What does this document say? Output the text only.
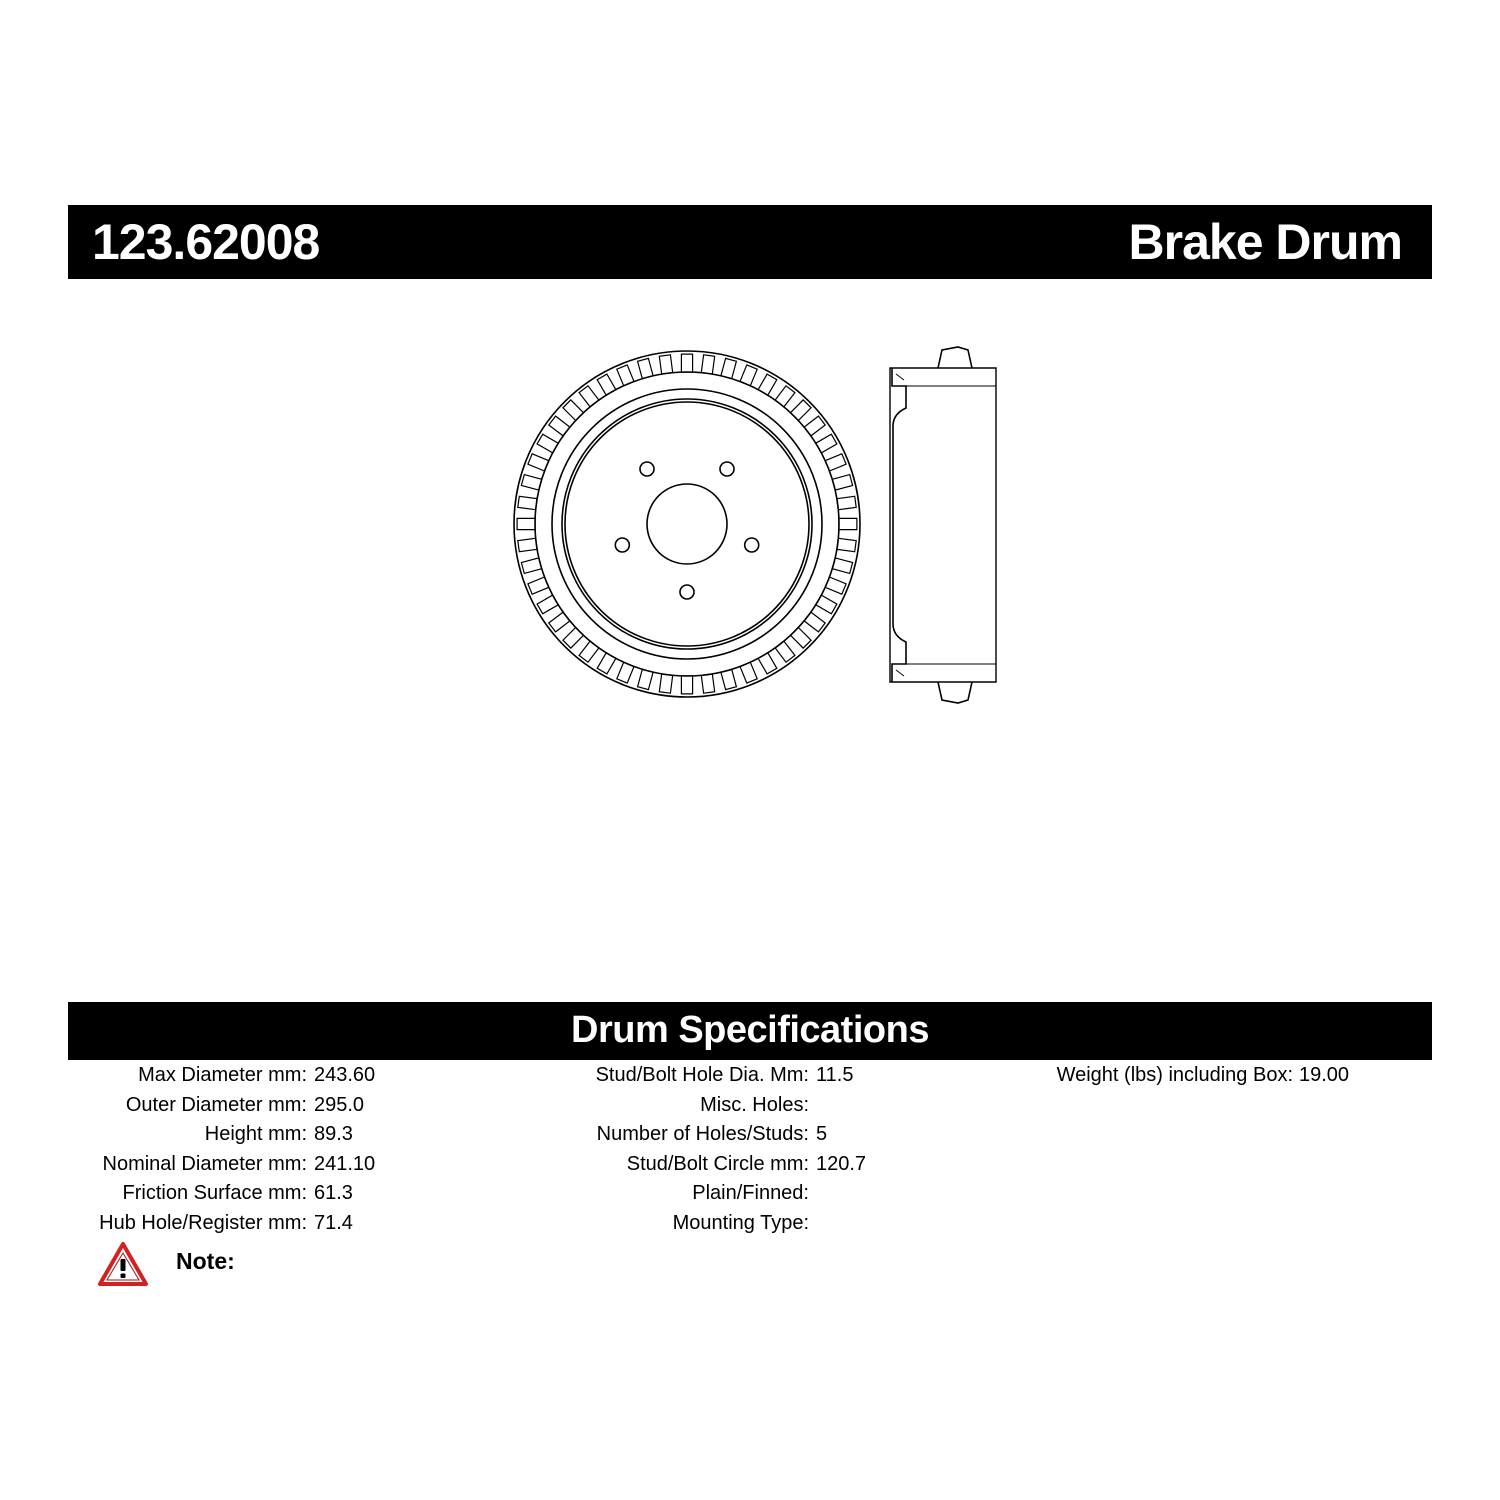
123.62008	Brake Drum
Drum Specifications
Max Diameter mm: 243.60
Outer Diameter mm: 295.0
Height mm: 89.3
Nominal Diameter mm: 241.10
Friction Surface mm: 61.3
Hub Hole/Register mm: 71.4
Stud/Bolt Hole Dia. Mm: 11.5
Misc. Holes:
Number of Holes/Studs: 5
Stud/Bolt Circle mm: 120.7
Plain/Finned:
Mounting Type:
Weight (lbs) including Box: 19.00
Note:
